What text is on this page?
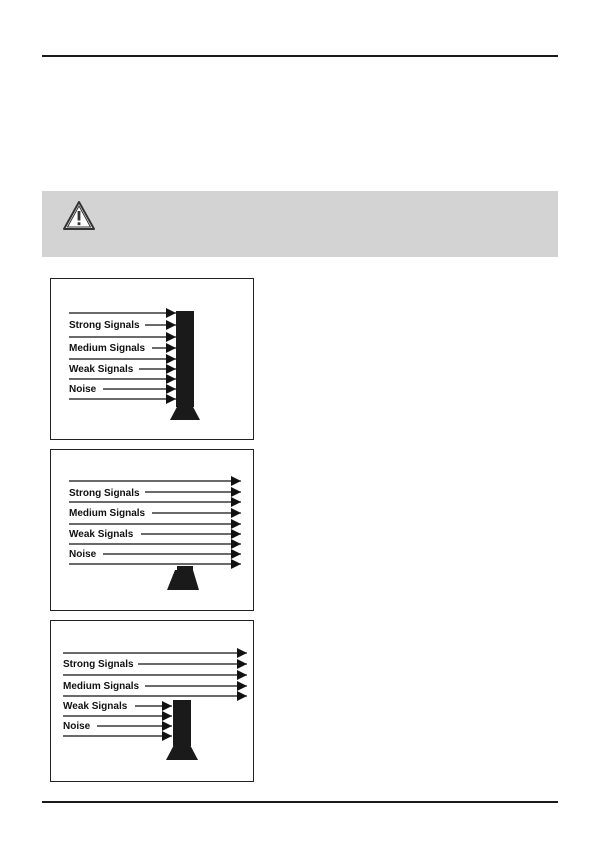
Strong Signals
Medium Signals
Weak Signals
Noise
Strong Signals
Medium Signals
Weak Signals
Noise
Strong Signals
Medium Signals
Weak Signals
Noise
